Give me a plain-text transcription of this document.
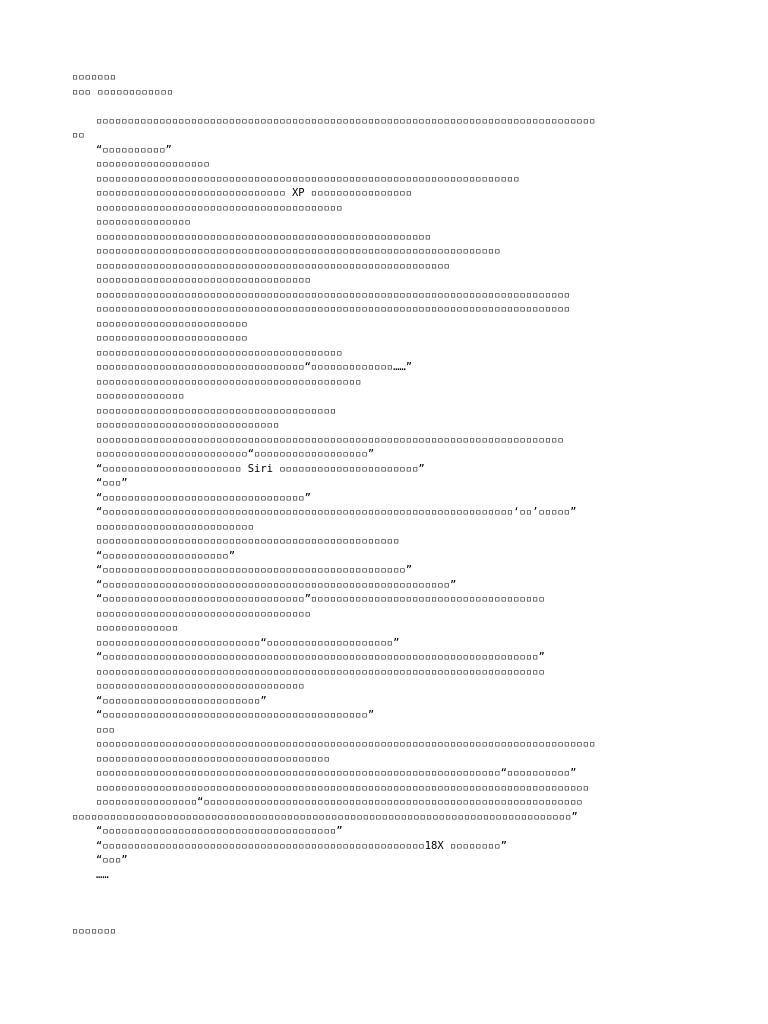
▫▫▫▫▫▫▫
▫▫▫ ▫▫▫▫▫▫▫▫▫▫▫▫
▫▫▫▫▫▫▫▫▫▫▫▫▫▫▫▫▫▫▫▫▫▫▫▫▫▫▫▫▫▫▫▫▫▫▫▫▫▫▫▫▫▫▫▫▫▫▫▫▫▫▫▫▫▫▫▫▫▫▫▫▫▫▫▫▫▫▫▫▫▫▫▫▫▫▫▫▫▫▫
▫▫
“▫▫▫▫▫▫▫▫▫▫”
▫▫▫▫▫▫▫▫▫▫▫▫▫▫▫▫▫▫
▫▫▫▫▫▫▫▫▫▫▫▫▫▫▫▫▫▫▫▫▫▫▫▫▫▫▫▫▫▫▫▫▫▫▫▫▫▫▫▫▫▫▫▫▫▫▫▫▫▫▫▫▫▫▫▫▫▫▫▫▫▫▫▫▫▫▫
▫▫▫▫▫▫▫▫▫▫▫▫▫▫▫▫▫▫▫▫▫▫▫▫▫▫▫▫▫▫ XP ▫▫▫▫▫▫▫▫▫▫▫▫▫▫▫▫
▫▫▫▫▫▫▫▫▫▫▫▫▫▫▫▫▫▫▫▫▫▫▫▫▫▫▫▫▫▫▫▫▫▫▫▫▫▫▫
▫▫▫▫▫▫▫▫▫▫▫▫▫▫▫
▫▫▫▫▫▫▫▫▫▫▫▫▫▫▫▫▫▫▫▫▫▫▫▫▫▫▫▫▫▫▫▫▫▫▫▫▫▫▫▫▫▫▫▫▫▫▫▫▫▫▫▫▫
▫▫▫▫▫▫▫▫▫▫▫▫▫▫▫▫▫▫▫▫▫▫▫▫▫▫▫▫▫▫▫▫▫▫▫▫▫▫▫▫▫▫▫▫▫▫▫▫▫▫▫▫▫▫▫▫▫▫▫▫▫▫▫▫
▫▫▫▫▫▫▫▫▫▫▫▫▫▫▫▫▫▫▫▫▫▫▫▫▫▫▫▫▫▫▫▫▫▫▫▫▫▫▫▫▫▫▫▫▫▫▫▫▫▫▫▫▫▫▫▫
▫▫▫▫▫▫▫▫▫▫▫▫▫▫▫▫▫▫▫▫▫▫▫▫▫▫▫▫▫▫▫▫▫▫
▫▫▫▫▫▫▫▫▫▫▫▫▫▫▫▫▫▫▫▫▫▫▫▫▫▫▫▫▫▫▫▫▫▫▫▫▫▫▫▫▫▫▫▫▫▫▫▫▫▫▫▫▫▫▫▫▫▫▫▫▫▫▫▫▫▫▫▫▫▫▫▫▫▫▫
▫▫▫▫▫▫▫▫▫▫▫▫▫▫▫▫▫▫▫▫▫▫▫▫▫▫▫▫▫▫▫▫▫▫▫▫▫▫▫▫▫▫▫▫▫▫▫▫▫▫▫▫▫▫▫▫▫▫▫▫▫▫▫▫▫▫▫▫▫▫▫▫▫▫▫
▫▫▫▫▫▫▫▫▫▫▫▫▫▫▫▫▫▫▫▫▫▫▫▫
▫▫▫▫▫▫▫▫▫▫▫▫▫▫▫▫▫▫▫▫▫▫▫▫
▫▫▫▫▫▫▫▫▫▫▫▫▫▫▫▫▫▫▫▫▫▫▫▫▫▫▫▫▫▫▫▫▫▫▫▫▫▫▫
▫▫▫▫▫▫▫▫▫▫▫▫▫▫▫▫▫▫▫▫▫▫▫▫▫▫▫▫▫▫▫▫▫“▫▫▫▫▫▫▫▫▫▫▫▫▫……”
▫▫▫▫▫▫▫▫▫▫▫▫▫▫▫▫▫▫▫▫▫▫▫▫▫▫▫▫▫▫▫▫▫▫▫▫▫▫▫▫▫▫
▫▫▫▫▫▫▫▫▫▫▫▫▫▫
▫▫▫▫▫▫▫▫▫▫▫▫▫▫▫▫▫▫▫▫▫▫▫▫▫▫▫▫▫▫▫▫▫▫▫▫▫▫
▫▫▫▫▫▫▫▫▫▫▫▫▫▫▫▫▫▫▫▫▫▫▫▫▫▫▫▫▫
▫▫▫▫▫▫▫▫▫▫▫▫▫▫▫▫▫▫▫▫▫▫▫▫▫▫▫▫▫▫▫▫▫▫▫▫▫▫▫▫▫▫▫▫▫▫▫▫▫▫▫▫▫▫▫▫▫▫▫▫▫▫▫▫▫▫▫▫▫▫▫▫▫▫
▫▫▫▫▫▫▫▫▫▫▫▫▫▫▫▫▫▫▫▫▫▫▫▫“▫▫▫▫▫▫▫▫▫▫▫▫▫▫▫▫▫▫”
“▫▫▫▫▫▫▫▫▫▫▫▫▫▫▫▫▫▫▫▫▫▫ Siri ▫▫▫▫▫▫▫▫▫▫▫▫▫▫▫▫▫▫▫▫▫▫”
“▫▫▫”
“▫▫▫▫▫▫▫▫▫▫▫▫▫▫▫▫▫▫▫▫▫▫▫▫▫▫▫▫▫▫▫▫”
“▫▫▫▫▫▫▫▫▫▫▫▫▫▫▫▫▫▫▫▫▫▫▫▫▫▫▫▫▫▫▫▫▫▫▫▫▫▫▫▫▫▫▫▫▫▫▫▫▫▫▫▫▫▫▫▫▫▫▫▫▫▫▫▫▫‘▫▫’▫▫▫▫▫”
▫▫▫▫▫▫▫▫▫▫▫▫▫▫▫▫▫▫▫▫▫▫▫▫▫
▫▫▫▫▫▫▫▫▫▫▫▫▫▫▫▫▫▫▫▫▫▫▫▫▫▫▫▫▫▫▫▫▫▫▫▫▫▫▫▫▫▫▫▫▫▫▫▫
“▫▫▫▫▫▫▫▫▫▫▫▫▫▫▫▫▫▫▫▫”
“▫▫▫▫▫▫▫▫▫▫▫▫▫▫▫▫▫▫▫▫▫▫▫▫▫▫▫▫▫▫▫▫▫▫▫▫▫▫▫▫▫▫▫▫▫▫▫▫”
“▫▫▫▫▫▫▫▫▫▫▫▫▫▫▫▫▫▫▫▫▫▫▫▫▫▫▫▫▫▫▫▫▫▫▫▫▫▫▫▫▫▫▫▫▫▫▫▫▫▫▫▫▫▫▫”
“▫▫▫▫▫▫▫▫▫▫▫▫▫▫▫▫▫▫▫▫▫▫▫▫▫▫▫▫▫▫▫▫”▫▫▫▫▫▫▫▫▫▫▫▫▫▫▫▫▫▫▫▫▫▫▫▫▫▫▫▫▫▫▫▫▫▫▫▫▫
▫▫▫▫▫▫▫▫▫▫▫▫▫▫▫▫▫▫▫▫▫▫▫▫▫▫▫▫▫▫▫▫▫▫
▫▫▫▫▫▫▫▫▫▫▫▫▫
▫▫▫▫▫▫▫▫▫▫▫▫▫▫▫▫▫▫▫▫▫▫▫▫▫▫“▫▫▫▫▫▫▫▫▫▫▫▫▫▫▫▫▫▫▫▫”
“▫▫▫▫▫▫▫▫▫▫▫▫▫▫▫▫▫▫▫▫▫▫▫▫▫▫▫▫▫▫▫▫▫▫▫▫▫▫▫▫▫▫▫▫▫▫▫▫▫▫▫▫▫▫▫▫▫▫▫▫▫▫▫▫▫▫▫▫▫”
▫▫▫▫▫▫▫▫▫▫▫▫▫▫▫▫▫▫▫▫▫▫▫▫▫▫▫▫▫▫▫▫▫▫▫▫▫▫▫▫▫▫▫▫▫▫▫▫▫▫▫▫▫▫▫▫▫▫▫▫▫▫▫▫▫▫▫▫▫▫▫
▫▫▫▫▫▫▫▫▫▫▫▫▫▫▫▫▫▫▫▫▫▫▫▫▫▫▫▫▫▫▫▫▫
“▫▫▫▫▫▫▫▫▫▫▫▫▫▫▫▫▫▫▫▫▫▫▫▫▫”
“▫▫▫▫▫▫▫▫▫▫▫▫▫▫▫▫▫▫▫▫▫▫▫▫▫▫▫▫▫▫▫▫▫▫▫▫▫▫▫▫▫▫”
▫▫▫
▫▫▫▫▫▫▫▫▫▫▫▫▫▫▫▫▫▫▫▫▫▫▫▫▫▫▫▫▫▫▫▫▫▫▫▫▫▫▫▫▫▫▫▫▫▫▫▫▫▫▫▫▫▫▫▫▫▫▫▫▫▫▫▫▫▫▫▫▫▫▫▫▫▫▫▫▫▫▫
▫▫▫▫▫▫▫▫▫▫▫▫▫▫▫▫▫▫▫▫▫▫▫▫▫▫▫▫▫▫▫▫▫▫▫▫▫
▫▫▫▫▫▫▫▫▫▫▫▫▫▫▫▫▫▫▫▫▫▫▫▫▫▫▫▫▫▫▫▫▫▫▫▫▫▫▫▫▫▫▫▫▫▫▫▫▫▫▫▫▫▫▫▫▫▫▫▫▫▫▫▫“▫▫▫▫▫▫▫▫▫▫”
▫▫▫▫▫▫▫▫▫▫▫▫▫▫▫▫▫▫▫▫▫▫▫▫▫▫▫▫▫▫▫▫▫▫▫▫▫▫▫▫▫▫▫▫▫▫▫▫▫▫▫▫▫▫▫▫▫▫▫▫▫▫▫▫▫▫▫▫▫▫▫▫▫▫▫▫▫▫
▫▫▫▫▫▫▫▫▫▫▫▫▫▫▫▫“▫▫▫▫▫▫▫▫▫▫▫▫▫▫▫▫▫▫▫▫▫▫▫▫▫▫▫▫▫▫▫▫▫▫▫▫▫▫▫▫▫▫▫▫▫▫▫▫▫▫▫▫▫▫▫▫▫▫▫▫
▫▫▫▫▫▫▫▫▫▫▫▫▫▫▫▫▫▫▫▫▫▫▫▫▫▫▫▫▫▫▫▫▫▫▫▫▫▫▫▫▫▫▫▫▫▫▫▫▫▫▫▫▫▫▫▫▫▫▫▫▫▫▫▫▫▫▫▫▫▫▫▫▫▫▫▫▫▫▫”
“▫▫▫▫▫▫▫▫▫▫▫▫▫▫▫▫▫▫▫▫▫▫▫▫▫▫▫▫▫▫▫▫▫▫▫▫▫”
“▫▫▫▫▫▫▫▫▫▫▫▫▫▫▫▫▫▫▫▫▫▫▫▫▫▫▫▫▫▫▫▫▫▫▫▫▫▫▫▫▫▫▫▫▫▫▫▫▫▫▫18X ▫▫▫▫▫▫▫▫”
“▫▫▫”
……
▫▫▫▫▫▫▫
